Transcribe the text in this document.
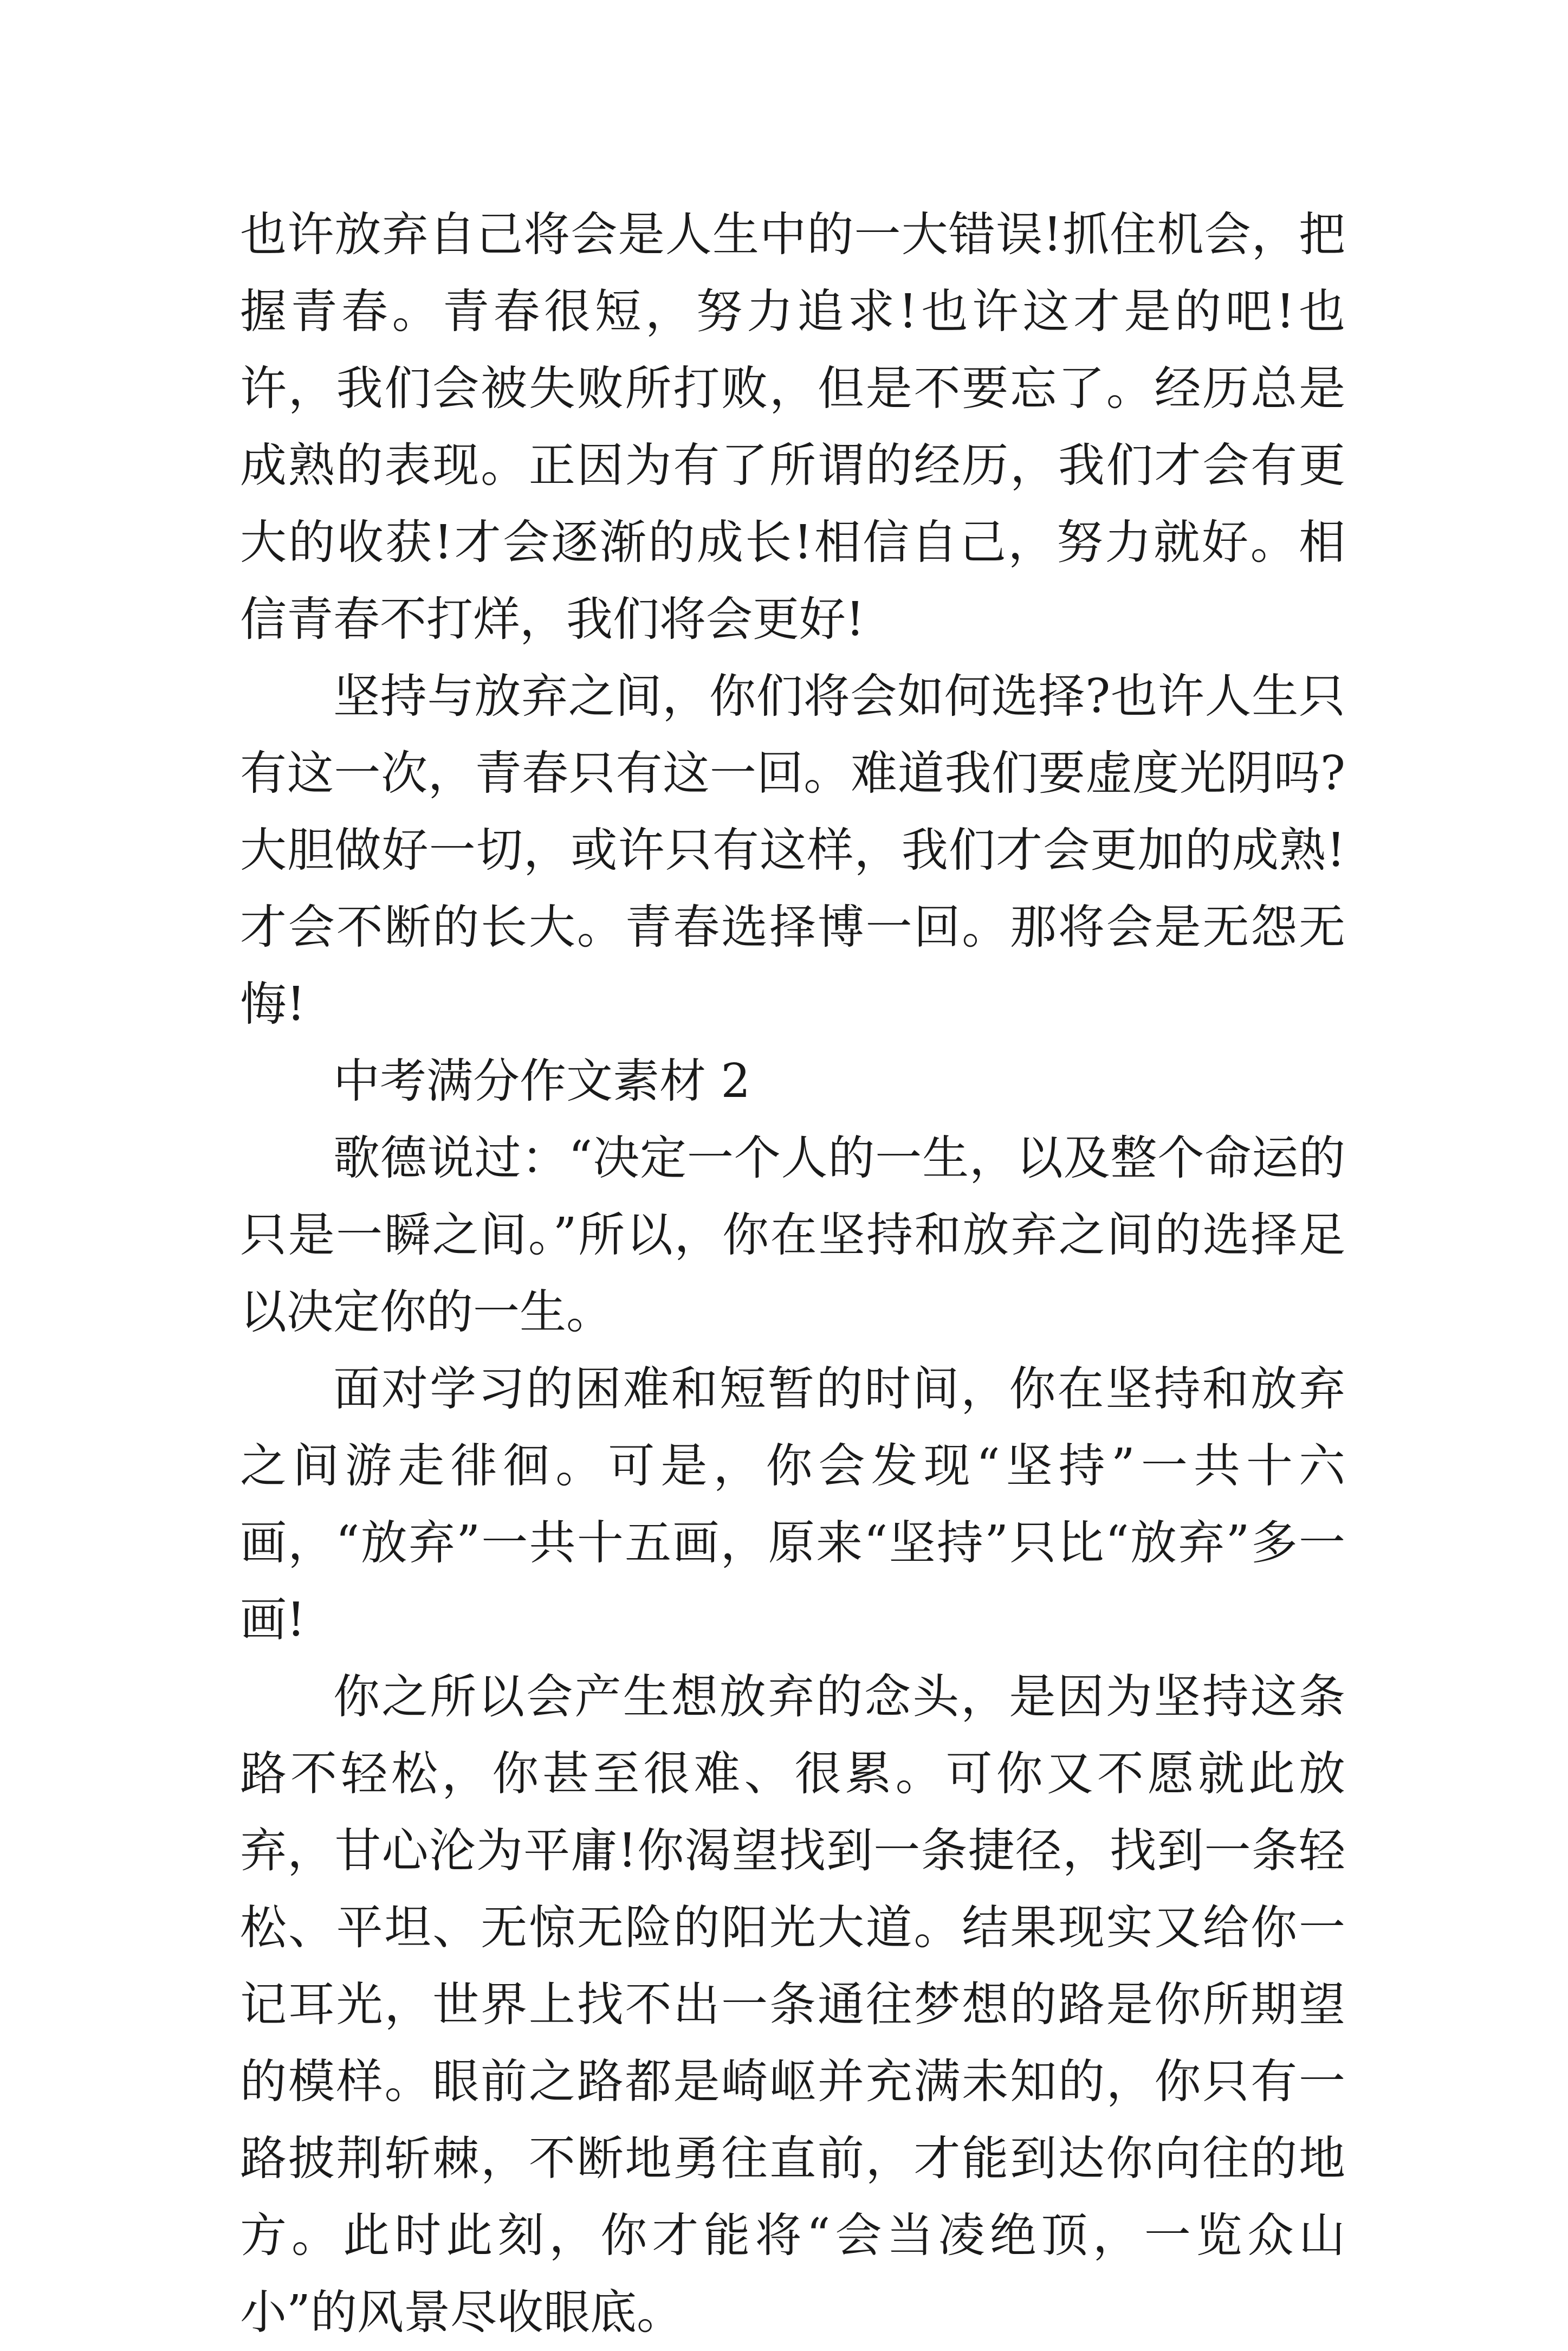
也许放弃自己将会是人生中的一大错误!抓住机会，把握青春。青春很短，努力追求!也许这才是的吧!也许，我们会被失败所打败，但是不要忘了。经历总是成熟的表现。正因为有了所谓的经历，我们才会有更大的收获!才会逐渐的成长!相信自己，努力就好。相信青春不打烊，我们将会更好!

坚持与放弃之间，你们将会如何选择?也许人生只有这一次，青春只有这一回。难道我们要虚度光阴吗?大胆做好一切，或许只有这样，我们才会更加的成熟!才会不断的长大。青春选择博一回。那将会是无怨无悔!

中考满分作文素材 2

歌德说过：“决定一个人的一生，以及整个命运的只是一瞬之间。”所以，你在坚持和放弃之间的选择足以决定你的一生。

面对学习的困难和短暂的时间，你在坚持和放弃之间游走徘徊。可是，你会发现“坚持”一共十六画，“放弃”一共十五画，原来“坚持”只比“放弃”多一画!

你之所以会产生想放弃的念头，是因为坚持这条路不轻松，你甚至很难、很累。可你又不愿就此放弃，甘心沦为平庸!你渴望找到一条捷径，找到一条轻松、平坦、无惊无险的阳光大道。结果现实又给你一记耳光，世界上找不出一条通往梦想的路是你所期望的模样。眼前之路都是崎岖并充满未知的，你只有一路披荆斩棘，不断地勇往直前，才能到达你向往的地方。此时此刻，你才能将“会当凌绝顶，一览众山小”的风景尽收眼底。
